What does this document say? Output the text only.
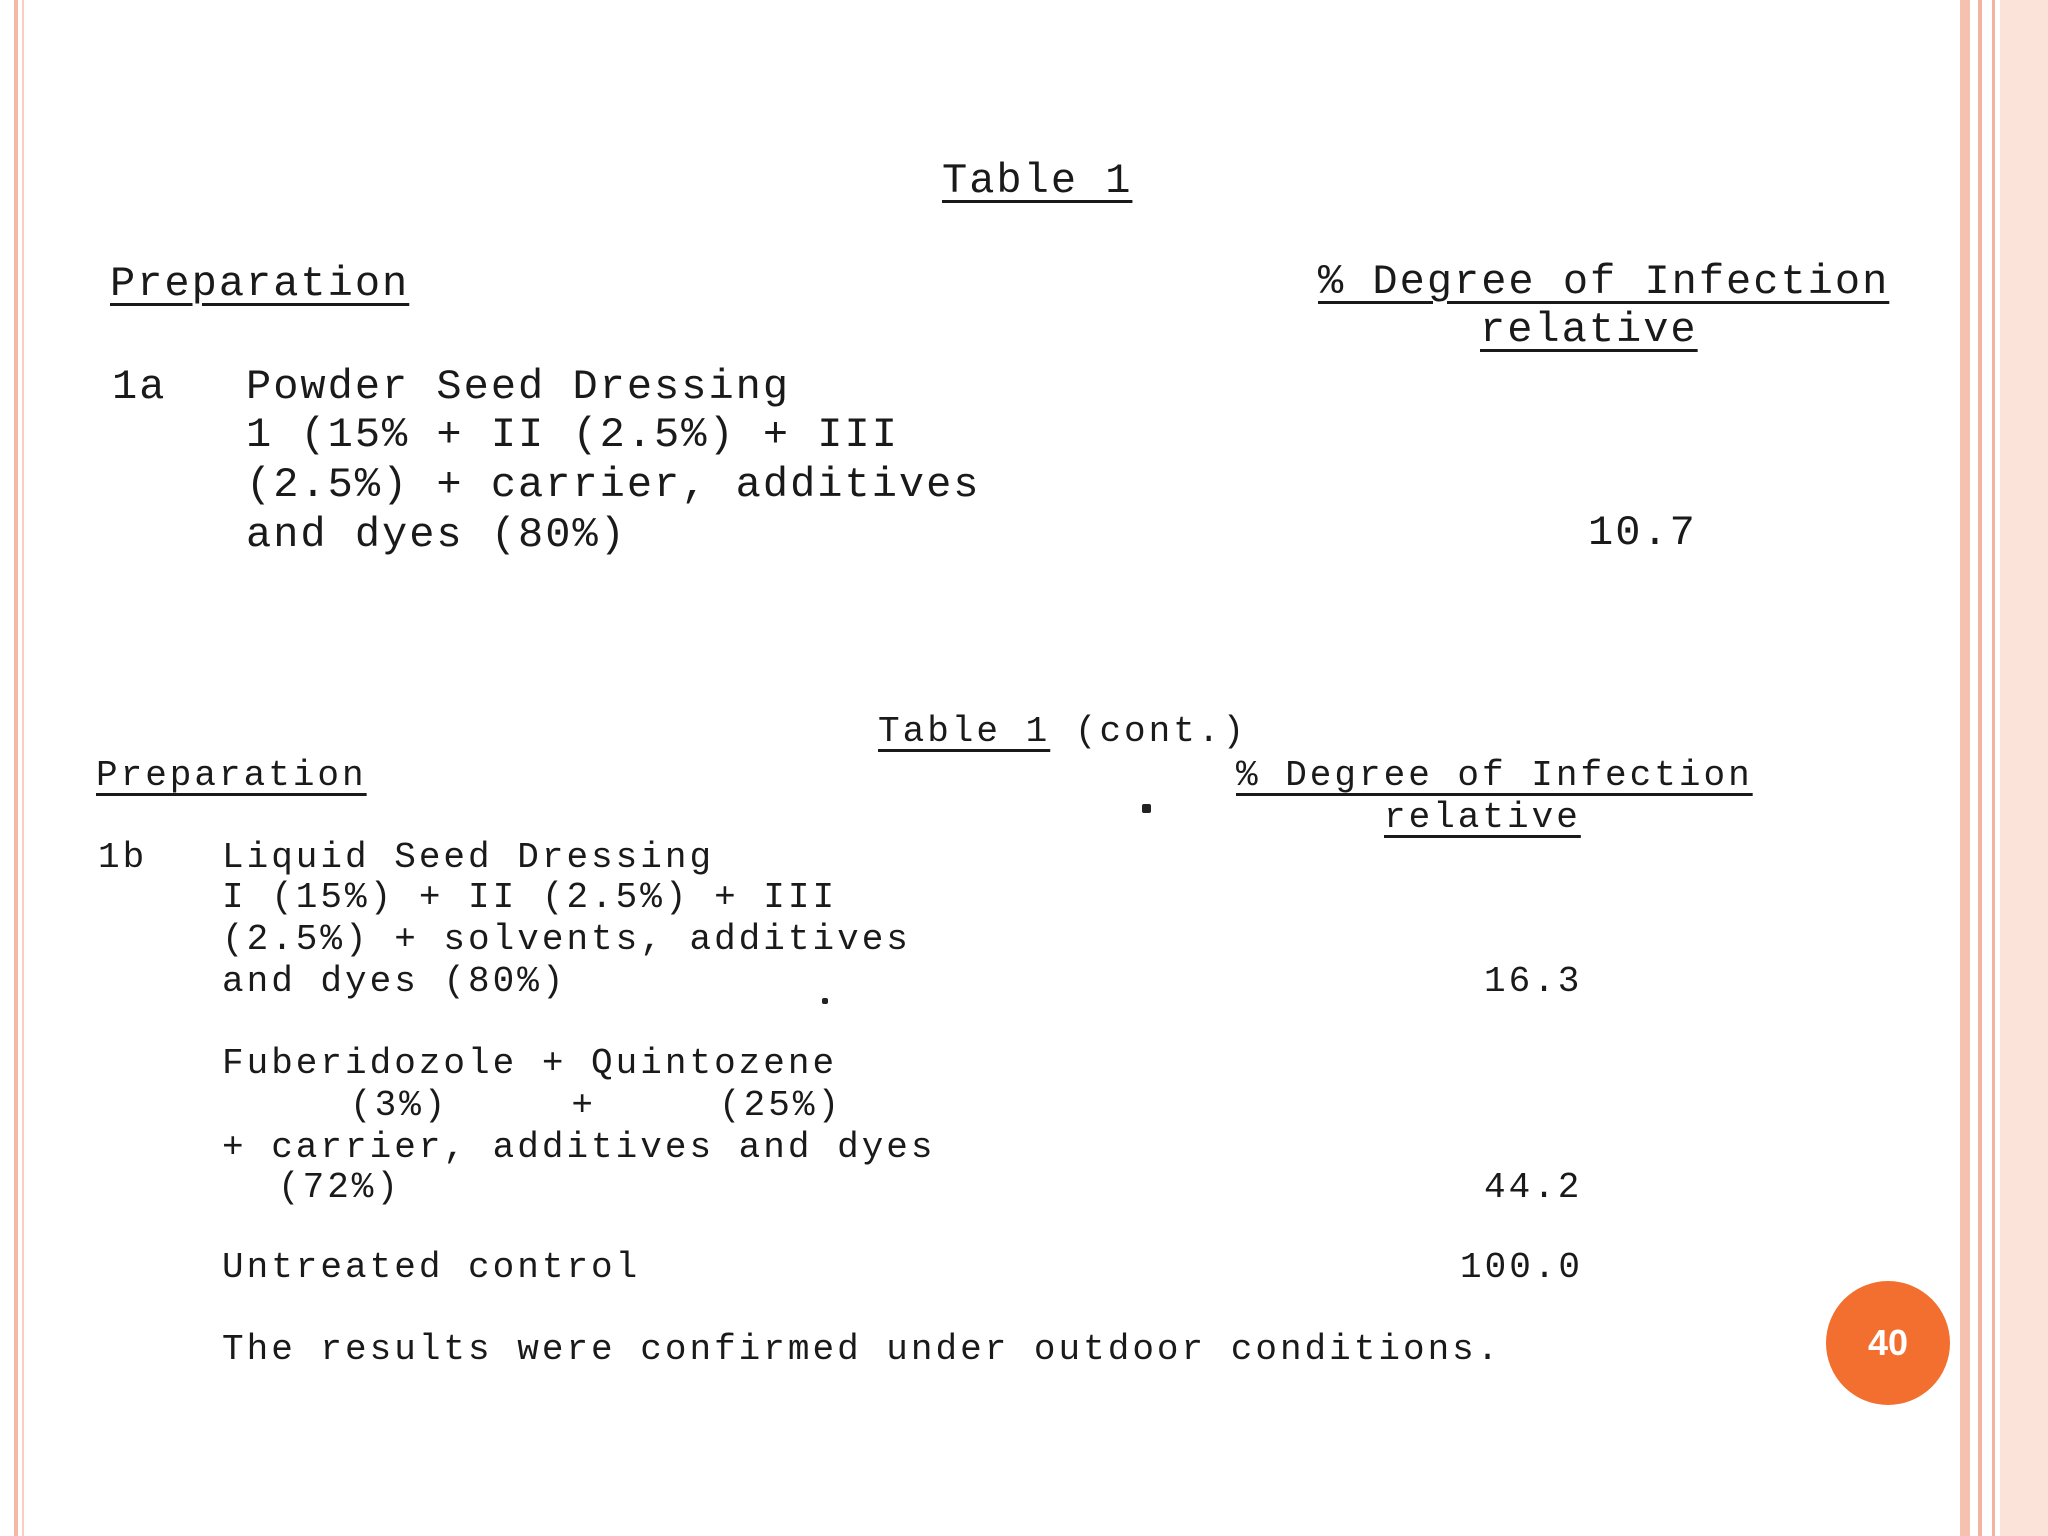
Table 1
Preparation	% Degree of Infection
relative
1a Powder Seed Dressing
1 (15% + II (2.5%) + III
(2.5%) + carrier, additives
and dyes (80%)	10.7
Table 1 (cont.)
Preparation	% Degree of Infection
relative
1b Liquid Seed Dressing
I (15%) + II (2.5%) + III
(2.5%) + solvents, additives
and dyes (80%)	16.3
Fuberidozole + Quintozene
(3%)     +     (25%)
+ carrier, additives and dyes
(72%)	44.2
Untreated control	100.0
The results were confirmed under outdoor conditions.	40
